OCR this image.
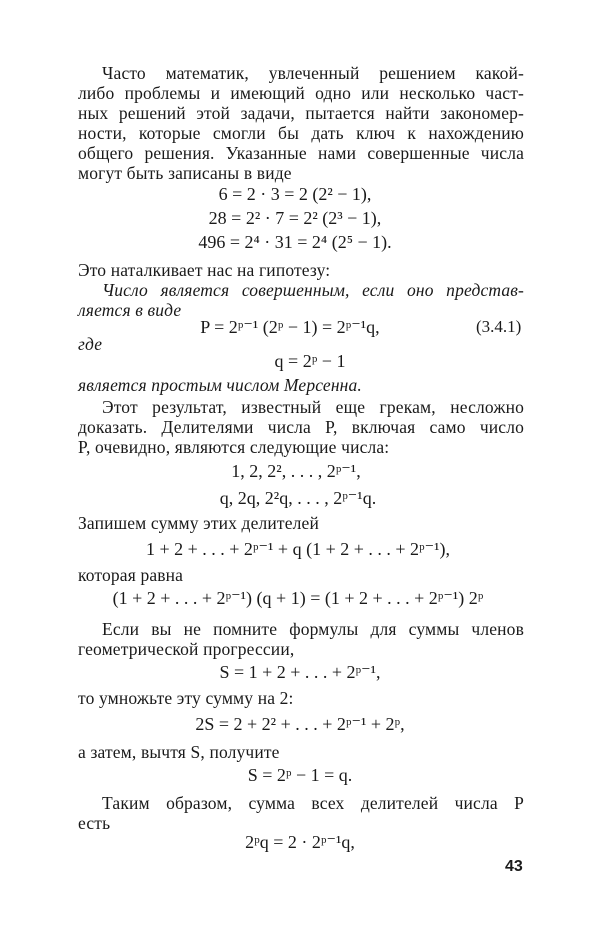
Часто математик, увлеченный решением какой-
либо проблемы и имеющий одно или несколько част-
ных решений этой задачи, пытается найти закономер-
ности, которые смогли бы дать ключ к нахождению
общего решения. Указанные нами совершенные числа
могут быть записаны в виде
6 = 2 · 3 = 2 (2² − 1),
28 = 2² · 7 = 2² (2³ − 1),
496 = 2⁴ · 31 = 2⁴ (2⁵ − 1).
Это наталкивает нас на гипотезу:
Число является совершенным, если оно представ-
ляется в виде
P = 2ᵖ⁻¹ (2ᵖ − 1) = 2ᵖ⁻¹q,	(3.4.1)
где
q = 2ᵖ − 1
является простым числом Мерсенна.
Этот результат, известный еще грекам, несложно
доказать. Делителями числа P, включая само число
P, очевидно, являются следующие числа:
1, 2, 2², . . . , 2ᵖ⁻¹,
q, 2q, 2²q, . . . , 2ᵖ⁻¹q.
Запишем сумму этих делителей
1 + 2 + . . . + 2ᵖ⁻¹ + q (1 + 2 + . . . + 2ᵖ⁻¹),
которая равна
(1 + 2 + . . . + 2ᵖ⁻¹) (q + 1) = (1 + 2 + . . . + 2ᵖ⁻¹) 2ᵖ
Если вы не помните формулы для суммы членов
геометрической прогрессии,
S = 1 + 2 + . . . + 2ᵖ⁻¹,
то умножьте эту сумму на 2:
2S = 2 + 2² + . . . + 2ᵖ⁻¹ + 2ᵖ,
а затем, вычтя S, получите
S = 2ᵖ − 1 = q.
Таким образом, сумма всех делителей числа P
есть
2ᵖq = 2 · 2ᵖ⁻¹q,
43
